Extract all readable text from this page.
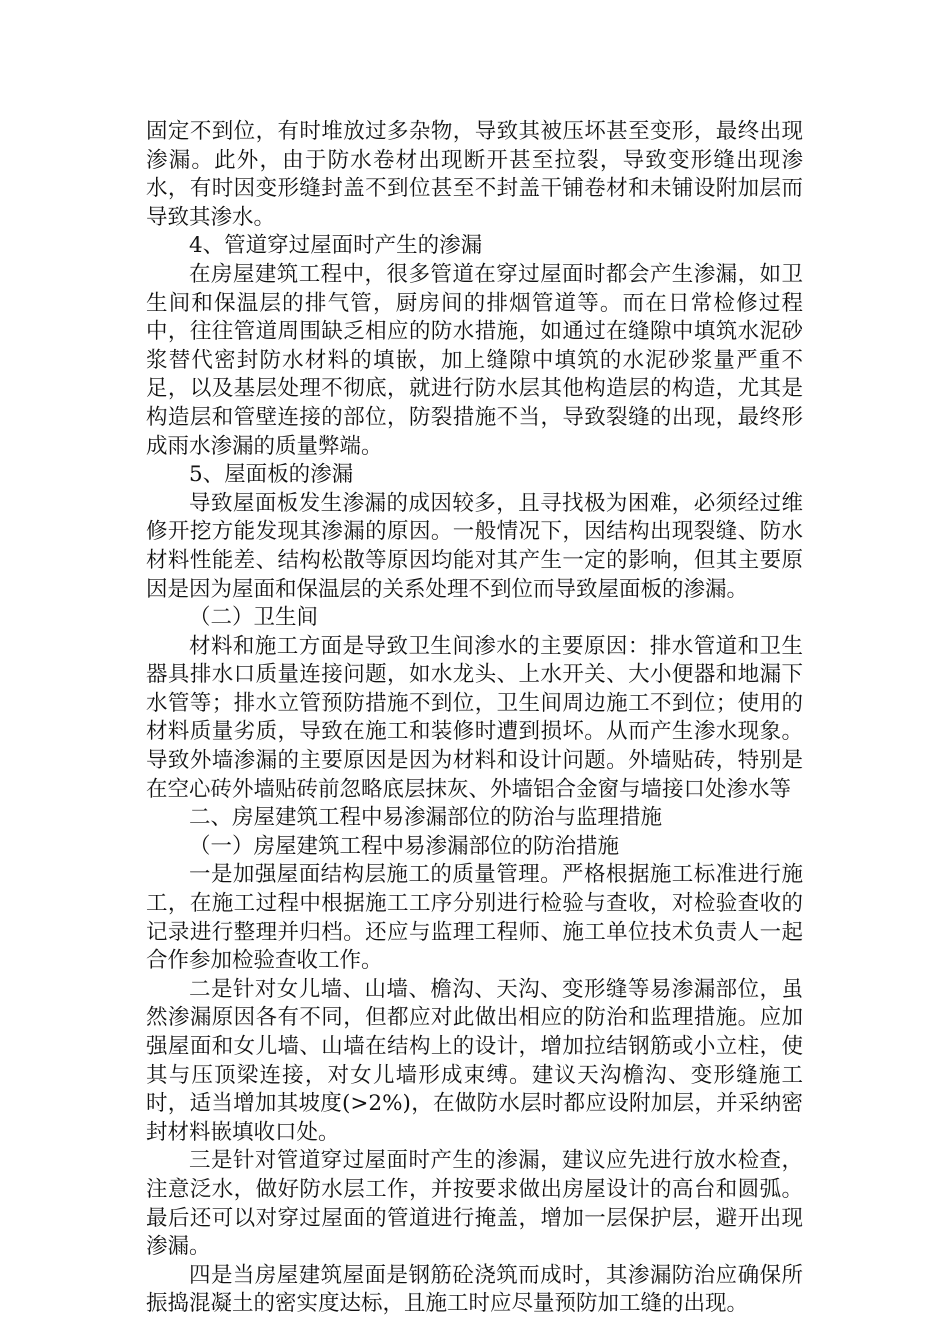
固定不到位，有时堆放过多杂物，导致其被压坏甚至变形，最终出现渗漏。此外，由于防水卷材出现断开甚至拉裂，导致变形缝出现渗水，有时因变形缝封盖不到位甚至不封盖干铺卷材和未铺设附加层而导致其渗水。

4、管道穿过屋面时产生的渗漏

在房屋建筑工程中，很多管道在穿过屋面时都会产生渗漏，如卫生间和保温层的排气管，厨房间的排烟管道等。而在日常检修过程中，往往管道周围缺乏相应的防水措施，如通过在缝隙中填筑水泥砂浆替代密封防水材料的填嵌，加上缝隙中填筑的水泥砂浆量严重不足，以及基层处理不彻底，就进行防水层其他构造层的构造，尤其是构造层和管壁连接的部位，防裂措施不当，导致裂缝的出现，最终形成雨水渗漏的质量弊端。

5、屋面板的渗漏

导致屋面板发生渗漏的成因较多，且寻找极为困难，必须经过维修开挖方能发现其渗漏的原因。一般情况下，因结构出现裂缝、防水材料性能差、结构松散等原因均能对其产生一定的影响，但其主要原因是因为屋面和保温层的关系处理不到位而导致屋面板的渗漏。

（二）卫生间

材料和施工方面是导致卫生间渗水的主要原因：排水管道和卫生器具排水口质量连接问题，如水龙头、上水开关、大小便器和地漏下水管等；排水立管预防措施不到位，卫生间周边施工不到位；使用的材料质量劣质，导致在施工和装修时遭到损坏。从而产生渗水现象。导致外墙渗漏的主要原因是因为材料和设计问题。外墙贴砖，特别是在空心砖外墙贴砖前忽略底层抹灰、外墙铝合金窗与墙接口处渗水等

二、房屋建筑工程中易渗漏部位的防治与监理措施

（一）房屋建筑工程中易渗漏部位的防治措施

一是加强屋面结构层施工的质量管理。严格根据施工标准进行施工，在施工过程中根据施工工序分别进行检验与查收，对检验查收的记录进行整理并归档。还应与监理工程师、施工单位技术负责人一起合作参加检验查收工作。

二是针对女儿墙、山墙、檐沟、天沟、变形缝等易渗漏部位，虽然渗漏原因各有不同，但都应对此做出相应的防治和监理措施。应加强屋面和女儿墙、山墙在结构上的设计，增加拉结钢筋或小立柱，使其与压顶梁连接，对女儿墙形成束缚。建议天沟檐沟、变形缝施工时，适当增加其坡度(>2%)，在做防水层时都应设附加层，并采纳密封材料嵌填收口处。

三是针对管道穿过屋面时产生的渗漏，建议应先进行放水检查，注意泛水，做好防水层工作，并按要求做出房屋设计的高台和圆弧。最后还可以对穿过屋面的管道进行掩盖，增加一层保护层，避开出现渗漏。

四是当房屋建筑屋面是钢筋砼浇筑而成时，其渗漏防治应确保所振捣混凝土的密实度达标，且施工时应尽量预防加工缝的出现。
